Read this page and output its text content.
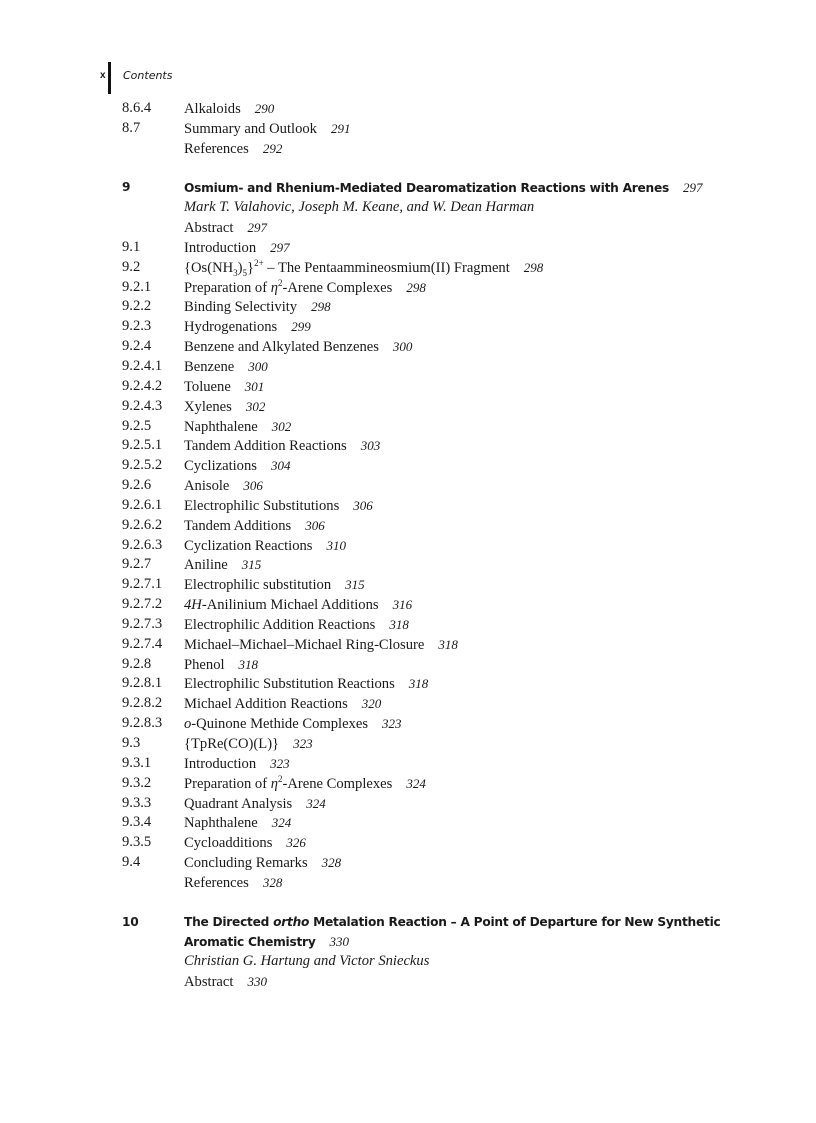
x Contents
8.6.4 Alkaloids 290
8.7	Summary and Outlook 291
References 292
9	Osmium- and Rhenium-Mediated Dearomatization Reactions with Arenes 297
Mark T. Valahovic, Joseph M. Keane, and W. Dean Harman
Abstract 297
9.1	Introduction 297
9.2	$\{Os(NH_3)_5\}^{2+}$ – The Pentaammineosmium(II) Fragment 298
9.2.1 Preparation of $\eta^2$-Arene Complexes 298
9.2.2 Binding Selectivity 298
9.2.3 Hydrogenations 299
9.2.4 Benzene and Alkylated Benzenes 300
9.2.4.1 Benzene 300
9.2.4.2 Toluene 301
9.2.4.3 Xylenes 302
9.2.5 Naphthalene 302
9.2.5.1 Tandem Addition Reactions 303
9.2.5.2 Cyclizations 304
9.2.6 Anisole 306
9.2.6.1 Electrophilic Substitutions 306
9.2.6.2 Tandem Additions 306
9.2.6.3 Cyclization Reactions 310
9.2.7 Aniline 315
9.2.7.1 Electrophilic substitution 315
9.2.7.2 4H-Anilinium Michael Additions 316
9.2.7.3 Electrophilic Addition Reactions 318
9.2.7.4 Michael–Michael–Michael Ring-Closure 318
9.2.8 Phenol 318
9.2.8.1 Electrophilic Substitution Reactions 318
9.2.8.2 Michael Addition Reactions 320
9.2.8.3 o-Quinone Methide Complexes 323
9.3	{TpRe(CO)(L)} 323
9.3.1 Introduction 323
9.3.2 Preparation of $\eta^2$-Arene Complexes 324
9.3.3 Quadrant Analysis 324
9.3.4 Naphthalene 324
9.3.5 Cycloadditions 326
9.4	Concluding Remarks 328
References 328
10	The Directed ortho Metalation Reaction – A Point of Departure for New Synthetic
Aromatic Chemistry 330
Christian G. Hartung and Victor Snieckus
Abstract 330
